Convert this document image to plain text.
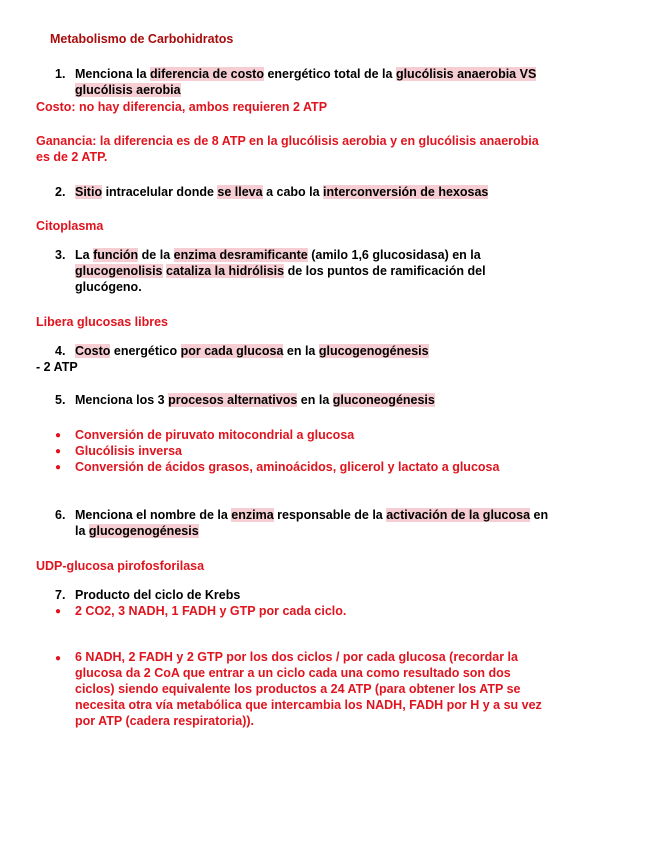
Metabolismo de Carbohidratos
1. Menciona la diferencia de costo energético total de la glucólisis anaerobia VS
glucólisis aerobia
Costo: no hay diferencia, ambos requieren 2 ATP
Ganancia: la diferencia es de 8 ATP en la glucólisis aerobia y en glucólisis anaerobia
es de 2 ATP.
2. Sitio intracelular donde se lleva a cabo la interconversión de hexosas
Citoplasma
3. La función de la enzima desramificante (amilo 1,6 glucosidasa) en la
glucogenolisis cataliza la hidrólisis de los puntos de ramificación del
glucógeno.
Libera glucosas libres
4. Costo energético por cada glucosa en la glucogenogénesis
- 2 ATP
5. Menciona los 3 procesos alternativos en la gluconeogénesis
● Conversión de piruvato mitocondrial a glucosa
● Glucólisis inversa
● Conversión de ácidos grasos, aminoácidos, glicerol y lactato a glucosa
6. Menciona el nombre de la enzima responsable de la activación de la glucosa en
la glucogenogénesis
UDP-glucosa pirofosforilasa
7. Producto del ciclo de Krebs
● 2 CO2, 3 NADH, 1 FADH y GTP por cada ciclo.
● 6 NADH, 2 FADH y 2 GTP por los dos ciclos / por cada glucosa (recordar la
glucosa da 2 CoA que entrar a un ciclo cada una como resultado son dos
ciclos) siendo equivalente los productos a 24 ATP (para obtener los ATP se
necesita otra vía metabólica que intercambia los NADH, FADH por H y a su vez
por ATP (cadera respiratoria)).
